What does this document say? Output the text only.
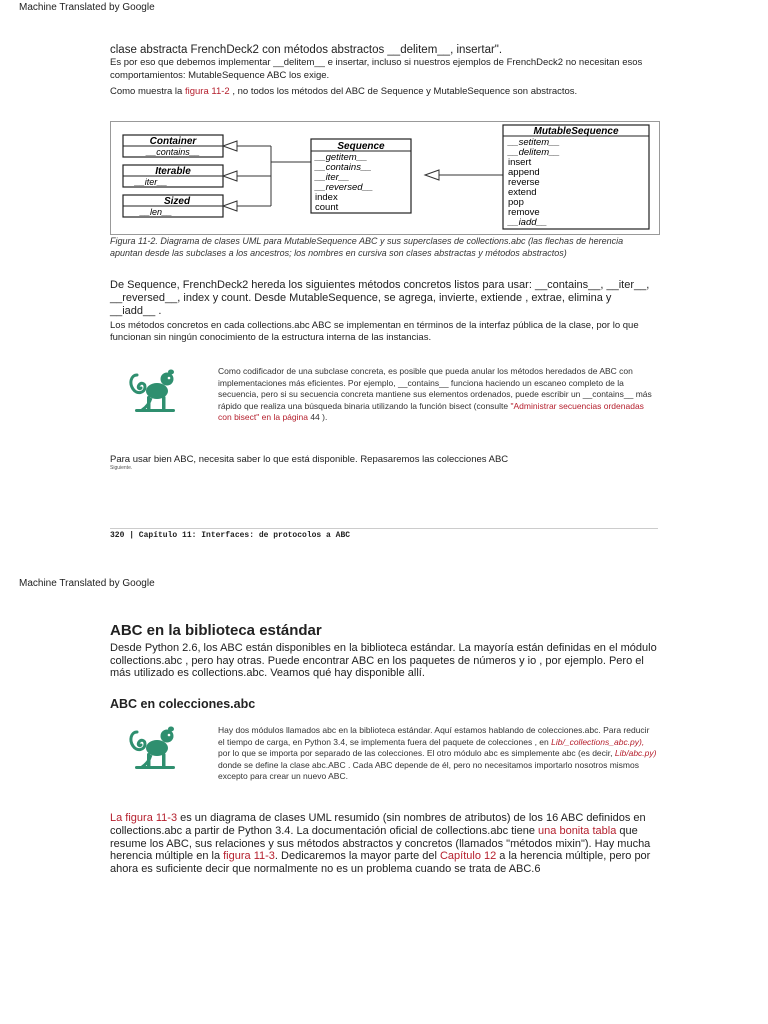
Machine Translated by Google
clase abstracta FrenchDeck2 con métodos abstractos __delitem__, insertar".
Es por eso que debemos implementar __delitem__ e insertar, incluso si nuestros ejemplos de FrenchDeck2 no necesitan esos comportamientos: MutableSequence ABC los exige.
Como muestra la figura 11-2 , no todos los métodos del ABC de Sequence y MutableSequence son abstractos.
Container
__contains__
Iterable
__iter__
Sized
__len__
Sequence
__getitem__
__contains__
__iter__
__reversed__
index
count
MutableSequence
__setitem__
__delitem__
insert
append
reverse
extend
pop
remove
__iadd__
Figura 11-2. Diagrama de clases UML para MutableSequence ABC y sus superclases de collections.abc (las flechas de herencia apuntan desde las subclases a los ancestros; los nombres en cursiva son clases abstractas y métodos abstractos)
De Sequence, FrenchDeck2 hereda los siguientes métodos concretos listos para usar: __contains__, __iter__, __reversed__, index y count. Desde MutableSequence, se agrega, invierte, extiende , extrae, elimina y __iadd__ .
Los métodos concretos en cada collections.abc ABC se implementan en términos de la interfaz pública de la clase, por lo que funcionan sin ningún conocimiento de la estructura interna de las instancias.
Como codificador de una subclase concreta, es posible que pueda anular los métodos heredados de ABC con implementaciones más eficientes. Por ejemplo, __contains__ funciona haciendo un escaneo completo de la secuencia, pero si su secuencia concreta mantiene sus elementos ordenados, puede escribir un __contains__ más rápido que realiza una búsqueda binaria utilizando la función bisect (consulte "Administrar secuencias ordenadas con bisect" en la página 44 ).
Para usar bien ABC, necesita saber lo que está disponible. Repasaremos las colecciones ABC
Siguiente.
320 | Capítulo 11: Interfaces: de protocolos a ABC
Machine Translated by Google
ABC en la biblioteca estándar
Desde Python 2.6, los ABC están disponibles en la biblioteca estándar. La mayoría están definidas en el módulo collections.abc , pero hay otras. Puede encontrar ABC en los paquetes de números y io , por ejemplo. Pero el más utilizado es collections.abc. Veamos qué hay disponible allí.
ABC en colecciones.abc
Hay dos módulos llamados abc en la biblioteca estándar. Aquí estamos hablando de colecciones.abc. Para reducir el tiempo de carga, en Python 3.4, se implementa fuera del paquete de colecciones , en Lib/_collections_abc.py), por lo que se importa por separado de las colecciones. El otro módulo abc es simplemente abc (es decir, Lib/abc.py) donde se define la clase abc.ABC . Cada ABC depende de él, pero no necesitamos importarlo nosotros mismos excepto para crear un nuevo ABC.
La figura 11-3 es un diagrama de clases UML resumido (sin nombres de atributos) de los 16 ABC definidos en collections.abc a partir de Python 3.4. La documentación oficial de collections.abc tiene una bonita tabla que resume los ABC, sus relaciones y sus métodos abstractos y concretos (llamados "métodos mixin"). Hay mucha herencia múltiple en la figura 11-3. Dedicaremos la mayor parte del Capítulo 12 a la herencia múltiple, pero por ahora es suficiente decir que normalmente no es un problema cuando se trata de ABC.6
